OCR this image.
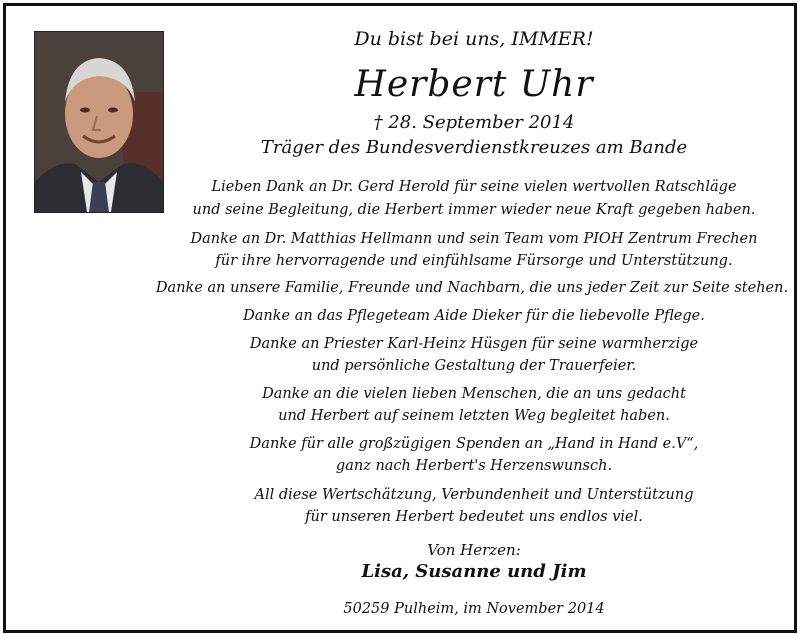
Du bist bei uns, IMMER!
Herbert Uhr
† 28. September 2014
Träger des Bundesverdienstkreuzes am Bande
Lieben Dank an Dr. Gerd Herold für seine vielen wertvollen Ratschläge
und seine Begleitung, die Herbert immer wieder neue Kraft gegeben haben.
Danke an Dr. Matthias Hellmann und sein Team vom PIOH Zentrum Frechen
für ihre hervorragende und einfühlsame Fürsorge und Unterstützung.
Danke an unsere Familie, Freunde und Nachbarn, die uns jeder Zeit zur Seite stehen.
Danke an das Pflegeteam Aide Dieker für die liebevolle Pflege.
Danke an Priester Karl-Heinz Hüsgen für seine warmherzige
und persönliche Gestaltung der Trauerfeier.
Danke an die vielen lieben Menschen, die an uns gedacht
und Herbert auf seinem letzten Weg begleitet haben.
Danke für alle großzügigen Spenden an „Hand in Hand e.V“,
ganz nach Herbert's Herzenswunsch.
All diese Wertschätzung, Verbundenheit und Unterstützung
für unseren Herbert bedeutet uns endlos viel.
Von Herzen:
Lisa, Susanne und Jim
50259 Pulheim, im November 2014
